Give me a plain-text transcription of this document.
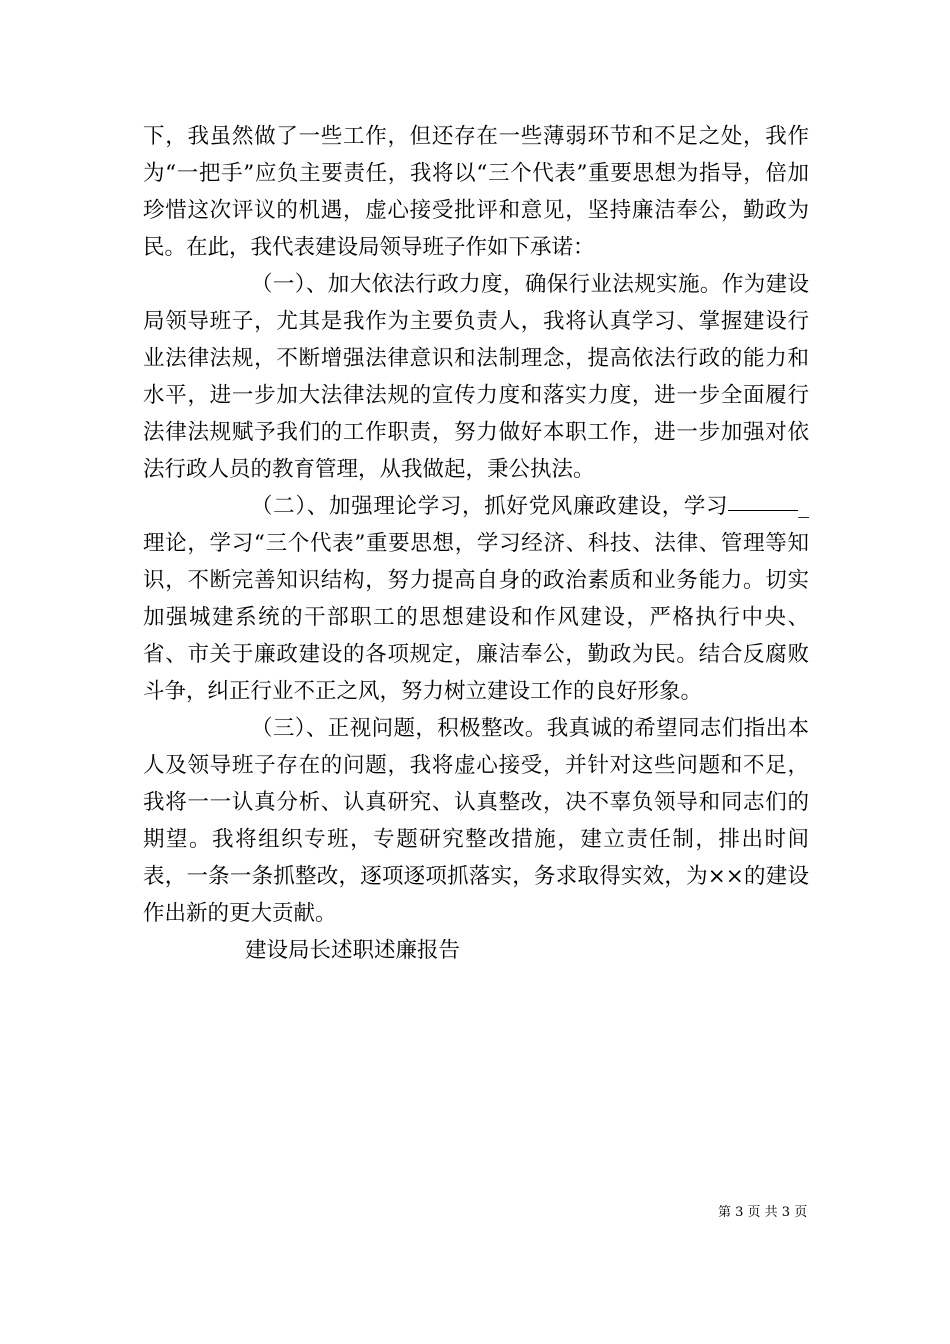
下，我虽然做了一些工作，但还存在一些薄弱环节和不足之处，我作为“一把手”应负主要责任，我将以“三个代表”重要思想为指导，倍加珍惜这次评议的机遇，虚心接受批评和意见，坚持廉洁奉公，勤政为民。在此，我代表建设局领导班子作如下承诺：

（一）、加大依法行政力度，确保行业法规实施。作为建设局领导班子，尤其是我作为主要负责人，我将认真学习、掌握建设行业法律法规，不断增强法律意识和法制理念，提高依法行政的能力和水平，进一步加大法律法规的宣传力度和落实力度，进一步全面履行法律法规赋予我们的工作职责，努力做好本职工作，进一步加强对依法行政人员的教育管理，从我做起，秉公执法。

（二）、加强理论学习，抓好党风廉政建设，学习	_理论，学习“三个代表”重要思想，学习经济、科技、法律、管理等知识，不断完善知识结构，努力提高自身的政治素质和业务能力。切实加强城建系统的干部职工的思想建设和作风建设，严格执行中央、省、市关于廉政建设的各项规定，廉洁奉公，勤政为民。结合反腐败斗争，纠正行业不正之风，努力树立建设工作的良好形象。

（三）、正视问题，积极整改。我真诚的希望同志们指出本人及领导班子存在的问题，我将虚心接受，并针对这些问题和不足，我将一一认真分析、认真研究、认真整改，决不辜负领导和同志们的期望。我将组织专班，专题研究整改措施，建立责任制，排出时间表，一条一条抓整改，逐项逐项抓落实，务求取得实效，为××的建设作出新的更大贡献。

建设局长述职述廉报告

第 3 页 共 3 页
